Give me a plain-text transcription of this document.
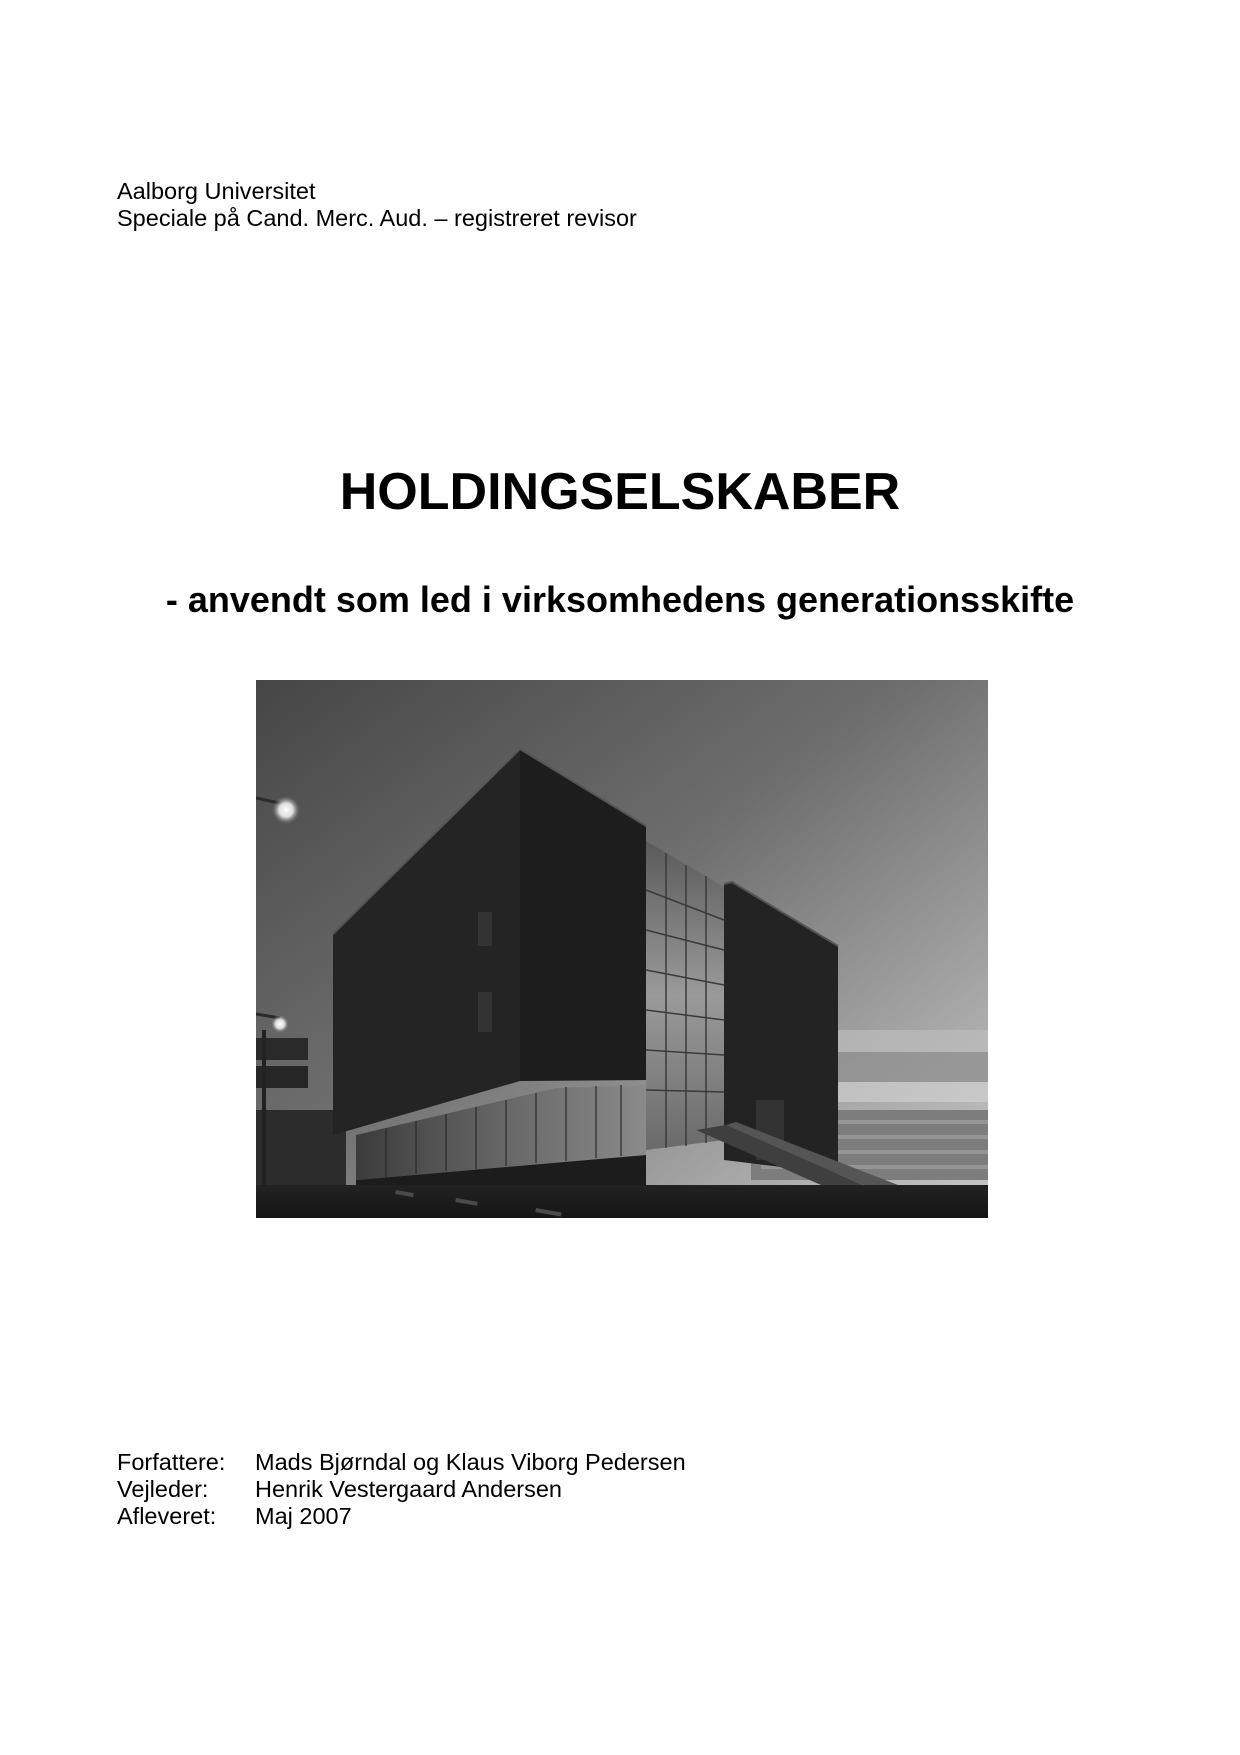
Aalborg Universitet
Speciale på Cand. Merc. Aud. – registreret revisor
HOLDINGSELSKABER
- anvendt som led i virksomhedens generationsskifte
Forfattere:	Mads Bjørndal og Klaus Viborg Pedersen
Vejleder:	Henrik Vestergaard Andersen
Afleveret:	Maj 2007
